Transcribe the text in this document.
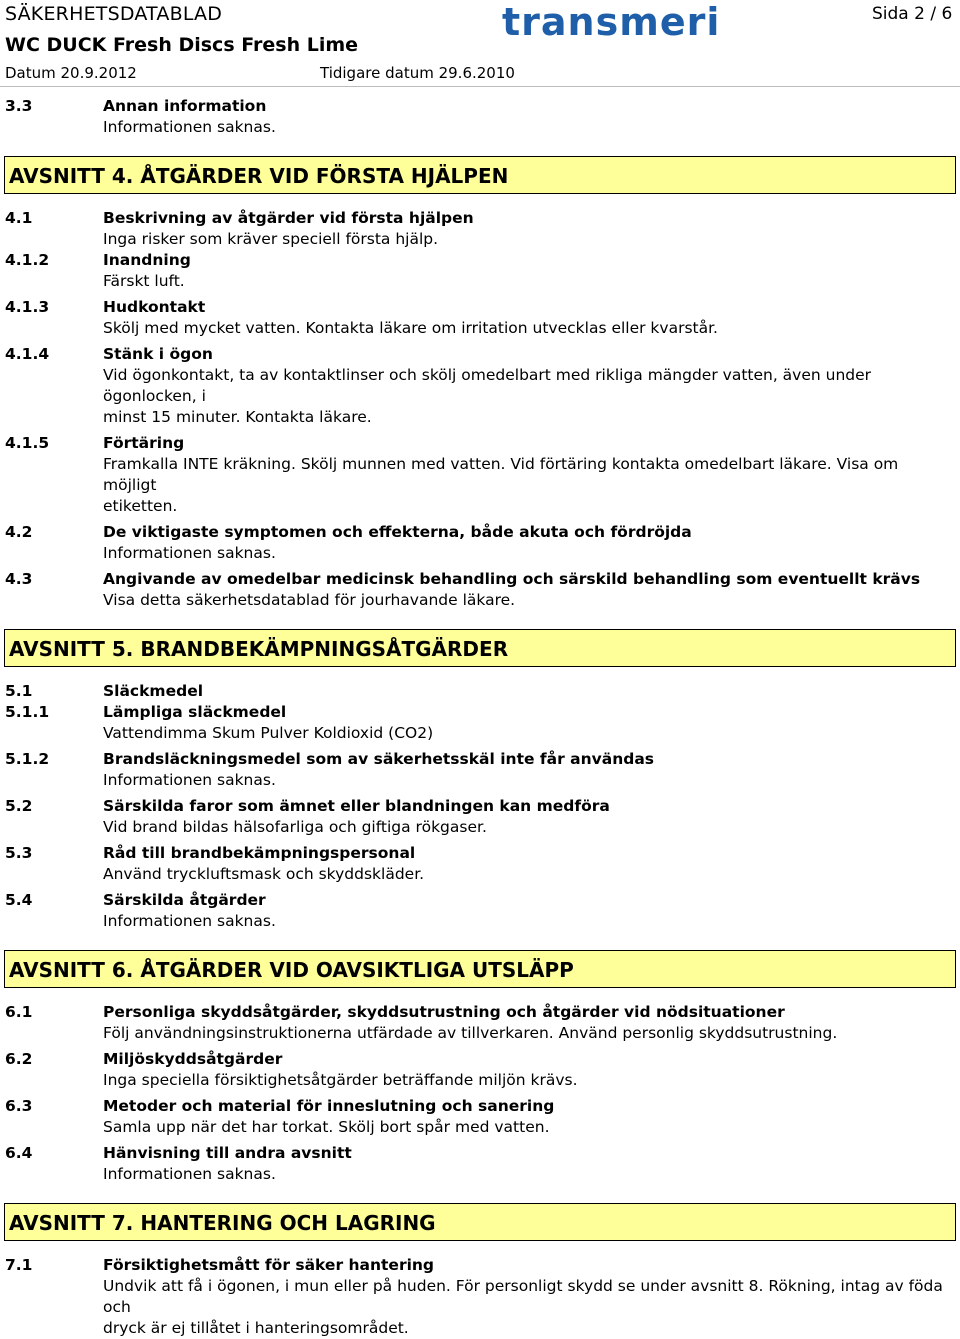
SÄKERHETSDATABLAD
WC DUCK Fresh Discs Fresh Lime
Datum 20.9.2012	Tidigare datum 29.6.2010
transmeri	Sida 2 / 6
3.3	Annan information
Informationen saknas.
AVSNITT 4. ÅTGÄRDER VID FÖRSTA HJÄLPEN
4.1	Beskrivning av åtgärder vid första hjälpen
Inga risker som kräver speciell första hjälp.
4.1.2	Inandning
Färskt luft.
4.1.3	Hudkontakt
Skölj med mycket vatten. Kontakta läkare om irritation utvecklas eller kvarstår.
4.1.4	Stänk i ögon
Vid ögonkontakt, ta av kontaktlinser och skölj omedelbart med rikliga mängder vatten, även under ögonlocken, i
minst 15 minuter. Kontakta läkare.
4.1.5	Förtäring
Framkalla INTE kräkning. Skölj munnen med vatten. Vid förtäring kontakta omedelbart läkare. Visa om möjligt
etiketten.
4.2	De viktigaste symptomen och effekterna, både akuta och fördröjda
Informationen saknas.
4.3	Angivande av omedelbar medicinsk behandling och särskild behandling som eventuellt krävs
Visa detta säkerhetsdatablad för jourhavande läkare.
AVSNITT 5. BRANDBEKÄMPNINGSÅTGÄRDER
5.1	Släckmedel
5.1.1	Lämpliga släckmedel
Vattendimma Skum Pulver Koldioxid (CO2)
5.1.2	Brandsläckningsmedel som av säkerhetsskäl inte får användas
Informationen saknas.
5.2	Särskilda faror som ämnet eller blandningen kan medföra
Vid brand bildas hälsofarliga och giftiga rökgaser.
5.3	Råd till brandbekämpningspersonal
Använd tryckluftsmask och skyddskläder.
5.4	Särskilda åtgärder
Informationen saknas.
AVSNITT 6. ÅTGÄRDER VID OAVSIKTLIGA UTSLÄPP
6.1	Personliga skyddsåtgärder, skyddsutrustning och åtgärder vid nödsituationer
Följ användningsinstruktionerna utfärdade av tillverkaren. Använd personlig skyddsutrustning.
6.2	Miljöskyddsåtgärder
Inga speciella försiktighetsåtgärder beträffande miljön krävs.
6.3	Metoder och material för inneslutning och sanering
Samla upp när det har torkat. Skölj bort spår med vatten.
6.4	Hänvisning till andra avsnitt
Informationen saknas.
AVSNITT 7. HANTERING OCH LAGRING
7.1	Försiktighetsmått för säker hantering
Undvik att få i ögonen, i mun eller på huden. För personligt skydd se under avsnitt 8. Rökning, intag av föda och
dryck är ej tillåtet i hanteringsområdet.
